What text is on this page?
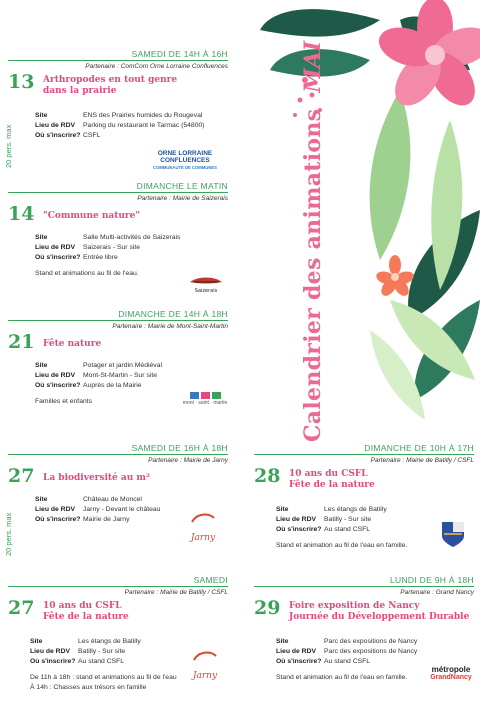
Calendrier des animationsMAI
SAMEDI DE 14H À 16H
Partenaire : ComCom Orne Lorraine Confluences
13 Arthropodes en tout genre
dans la prairie
Site	ENS des Prairies humides du Rougeval
Lieu de RDV	Parking du restaurant le Tarmac (54800)
Où s'inscrire? CSFL
20 pers. max	ORNE LORRAINE CONFLUENCES
COMMUNAUTÉ DE COMMUNES
DIMANCHE LE MATIN
Partenaire : Mairie de Saizerais
14 "Commune nature"
Site	Salle Multi-activités de Saizerais
Lieu de RDV	Saizerais - Sur site
Où s'inscrire? Entrée libre
Stand et animations au fil de l'eau.
Saizerais
DIMANCHE DE 14H À 18H
Partenaire : Mairie de Mont-Saint-Martin
21 Fête nature
Site	Potager et jardin Médiéval
Lieu de RDV	Mont-St-Martin - Sur site
Où s'inscrire? Auprès de la Mairie
Familles et enfants	mont · saint · martin
SAMEDI DE 16H À 18H
Partenaire : Mairie de Jarny
27 La biodiversité au m²
Site	Château de Moncel
Lieu de RDV	Jarny - Devant le château
Où s'inscrire? Mairie de Jarny
20 pers. max	Jarny
DIMANCHE DE 10H À 17H
Partenaire : Mairie de Batilly / CSFL
28 10 ans du CSFL
Fête de la nature
Site	Les étangs de Batilly
Lieu de RDV	Batilly - Sur site
Où s'inscrire? Au stand CSFL
Stand et animation au fil de l'eau en famille.
SAMEDI
Partenaire : Mairie de Batilly / CSFL
27 10 ans du CSFL
Fête de la nature
Site	Les étangs de Batilly
Lieu de RDV	Batilly - Sur site
Où s'inscrire? Au stand CSFL
De 11h à 18h : stand et animations au fil de l'eau
À 14h : Chasses aux trésors en famille
Jarny
LUNDI DE 9H À 18H
Partenaire : Grand Nancy
29 Foire exposition de Nancy
Journée du Développement Durable
Site	Parc des expositions de Nancy
Lieu de RDV	Parc des expositions de Nancy
Où s'inscrire? Au stand CSFL
Stand et animation au fil de l'eau en famille.
métropole
GrandNancy
